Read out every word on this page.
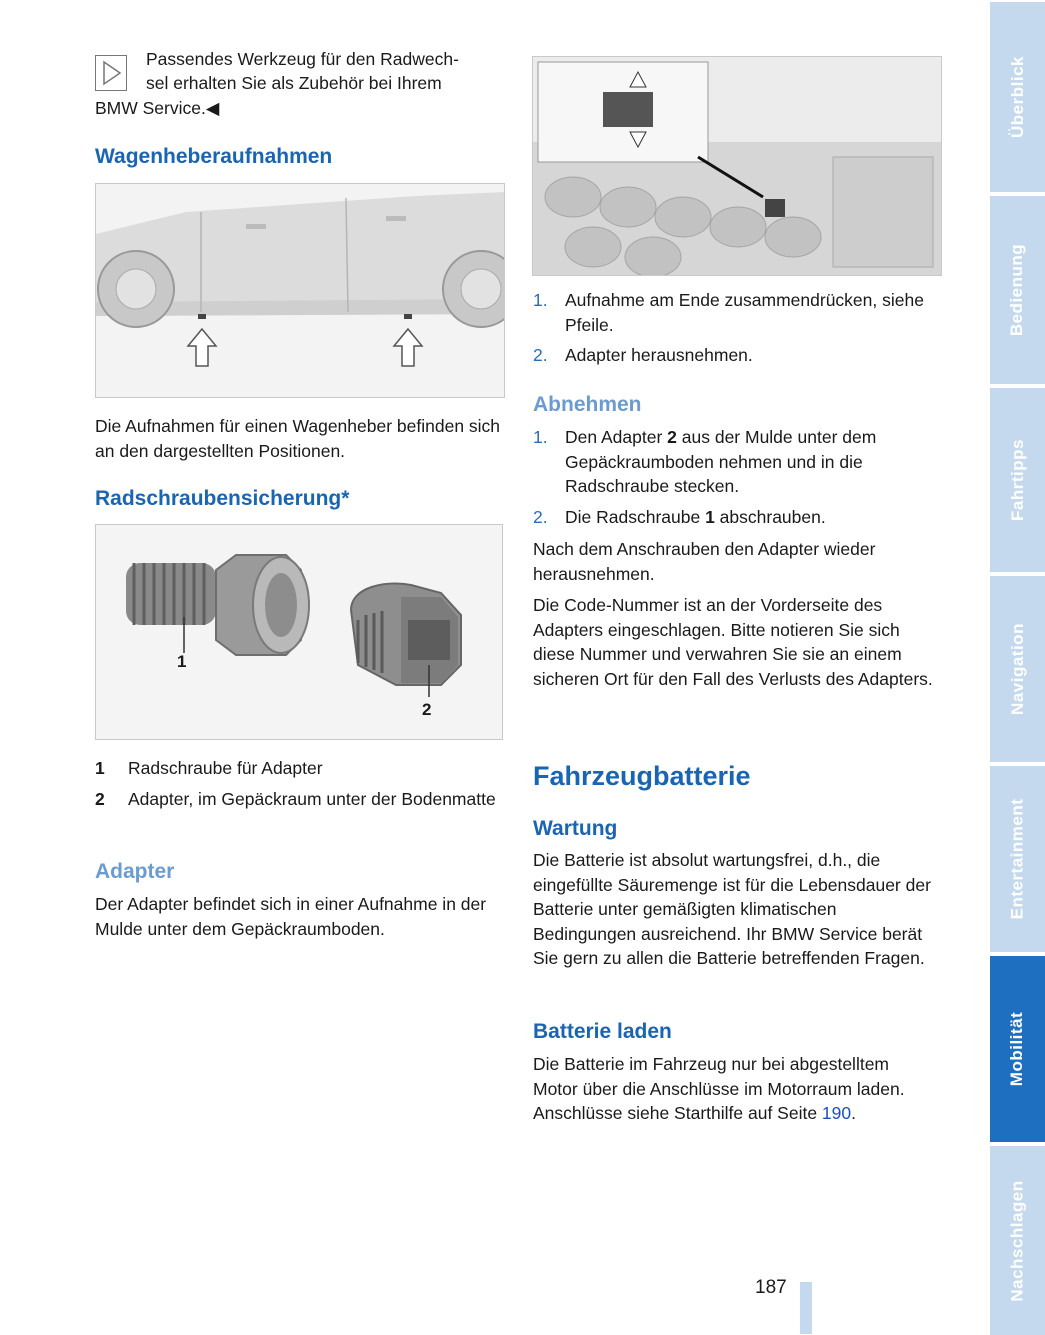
Passendes Werkzeug für den Radwech-
sel erhalten Sie als Zubehör bei Ihrem
BMW Service.◀
Wagenheberaufnahmen
Die Aufnahmen für einen Wagenheber befinden sich an den dargestellten Positionen.
Radschraubensicherung*
1
2
1 Radschraube für Adapter
2 Adapter, im Gepäckraum unter der Bodenmatte
Adapter
Der Adapter befindet sich in einer Aufnahme in der Mulde unter dem Gepäckraumboden.
1. Aufnahme am Ende zusammendrücken, siehe Pfeile.
2. Adapter herausnehmen.
Abnehmen
1. Den Adapter 2 aus der Mulde unter dem Gepäckraumboden nehmen und in die Radschraube stecken.
2. Die Radschraube 1 abschrauben.
Nach dem Anschrauben den Adapter wieder herausnehmen.
Die Code-Nummer ist an der Vorderseite des Adapters eingeschlagen. Bitte notieren Sie sich diese Nummer und verwahren Sie sie an einem sicheren Ort für den Fall des Verlusts des Adapters.
Fahrzeugbatterie
Wartung
Die Batterie ist absolut wartungsfrei, d.h., die eingefüllte Säuremenge ist für die Lebensdauer der Batterie unter gemäßigten klimatischen Bedingungen ausreichend. Ihr BMW Service berät Sie gern zu allen die Batterie betreffenden Fragen.
Batterie laden
Die Batterie im Fahrzeug nur bei abgestelltem Motor über die Anschlüsse im Motorraum laden. Anschlüsse siehe Starthilfe auf Seite 190.
187
Überblick
Bedienung
Fahrtipps
Navigation
Entertainment
Mobilität
Nachschlagen
